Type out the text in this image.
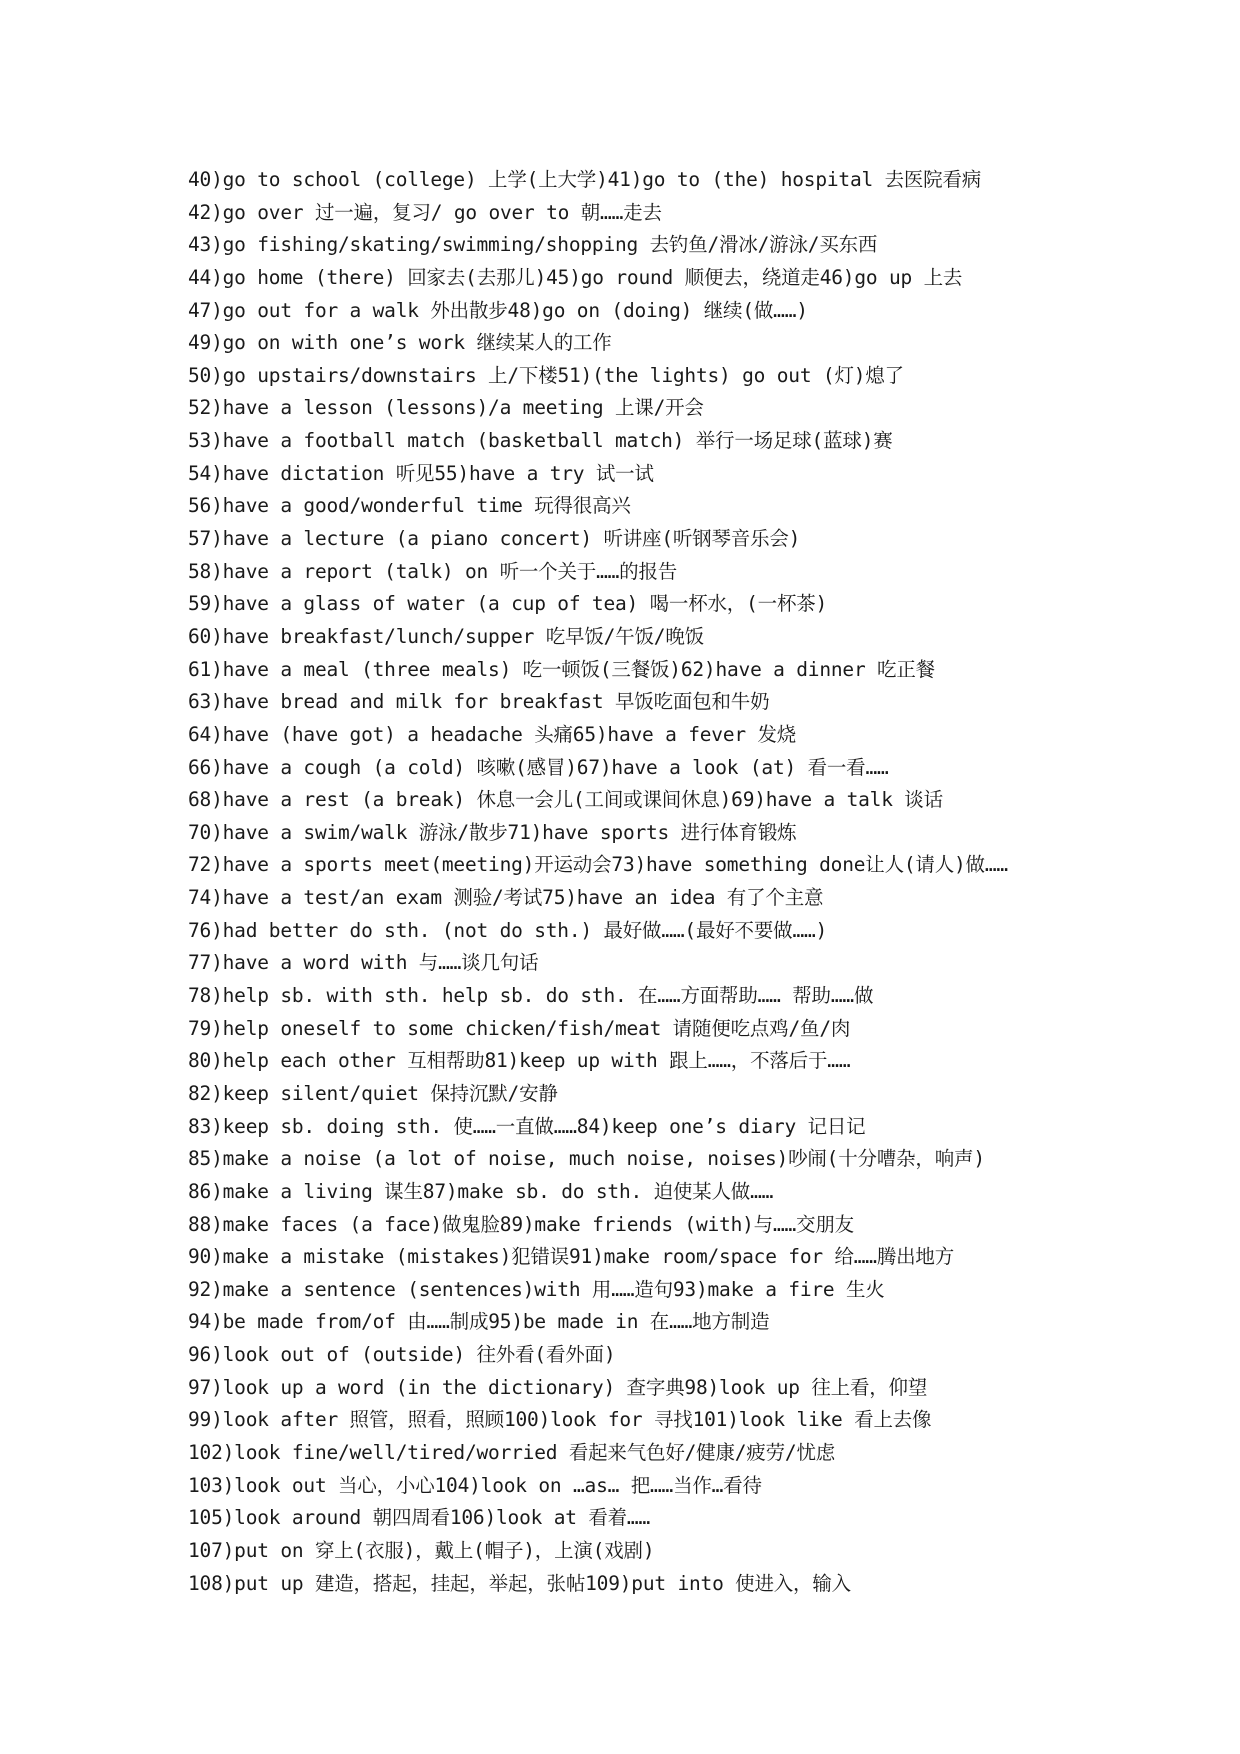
40)go to school (college) 上学(上大学)41)go to (the) hospital 去医院看病
42)go over 过一遍，复习/ go over to 朝……走去
43)go fishing/skating/swimming/shopping 去钓鱼/滑冰/游泳/买东西
44)go home (there) 回家去(去那儿)45)go round 顺便去，绕道走46)go up 上去
47)go out for a walk 外出散步48)go on (doing) 继续(做……)
49)go on with one’s work 继续某人的工作
50)go upstairs/downstairs 上/下楼51)(the lights) go out (灯)熄了
52)have a lesson (lessons)/a meeting 上课/开会
53)have a football match (basketball match) 举行一场足球(蓝球)赛
54)have dictation 听见55)have a try 试一试
56)have a good/wonderful time 玩得很高兴
57)have a lecture (a piano concert) 听讲座(听钢琴音乐会)
58)have a report (talk) on 听一个关于……的报告
59)have a glass of water (a cup of tea) 喝一杯水，(一杯茶)
60)have breakfast/lunch/supper 吃早饭/午饭/晚饭
61)have a meal (three meals) 吃一顿饭(三餐饭)62)have a dinner 吃正餐
63)have bread and milk for breakfast 早饭吃面包和牛奶
64)have (have got) a headache 头痛65)have a fever 发烧
66)have a cough (a cold) 咳嗽(感冒)67)have a look (at) 看一看……
68)have a rest (a break) 休息一会儿(工间或课间休息)69)have a talk 谈话
70)have a swim/walk 游泳/散步71)have sports 进行体育锻炼
72)have a sports meet(meeting)开运动会73)have something done让人(请人)做……
74)have a test/an exam 测验/考试75)have an idea 有了个主意
76)had better do sth. (not do sth.) 最好做……(最好不要做……)
77)have a word with 与……谈几句话
78)help sb. with sth. help sb. do sth. 在……方面帮助…… 帮助……做
79)help oneself to some chicken/fish/meat 请随便吃点鸡/鱼/肉
80)help each other 互相帮助81)keep up with 跟上……，不落后于……
82)keep silent/quiet 保持沉默/安静
83)keep sb. doing sth. 使……一直做……84)keep one’s diary 记日记
85)make a noise (a lot of noise, much noise, noises)吵闹(十分嘈杂，响声)
86)make a living 谋生87)make sb. do sth. 迫使某人做……
88)make faces (a face)做鬼脸89)make friends (with)与……交朋友
90)make a mistake (mistakes)犯错误91)make room/space for 给……腾出地方
92)make a sentence (sentences)with 用……造句93)make a fire 生火
94)be made from/of 由……制成95)be made in 在……地方制造
96)look out of (outside) 往外看(看外面)
97)look up a word (in the dictionary) 查字典98)look up 往上看，仰望
99)look after 照管，照看，照顾100)look for 寻找101)look like 看上去像
102)look fine/well/tired/worried 看起来气色好/健康/疲劳/忧虑
103)look out 当心，小心104)look on …as… 把……当作…看待
105)look around 朝四周看106)look at 看着……
107)put on 穿上(衣服)，戴上(帽子)，上演(戏剧)
108)put up 建造，搭起，挂起，举起，张帖109)put into 使进入，输入
